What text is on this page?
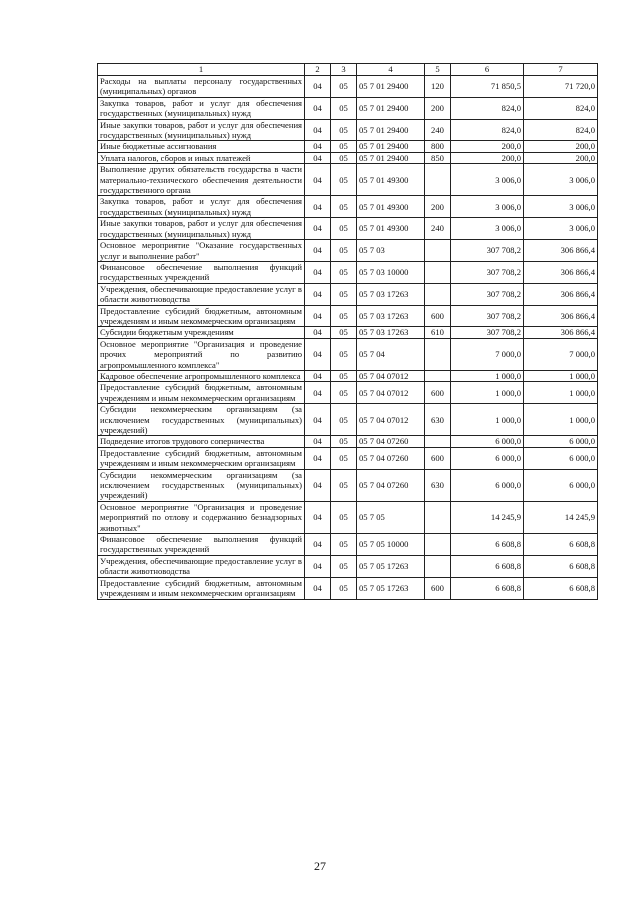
1	2	3	4	5	6	7
Расходы на выплаты персоналу государственных (муниципальных) органов	04	05	05 7 01 29400	120	71 850,5	71 720,0
Закупка товаров, работ и услуг для обеспечения государственных (муниципальных) нужд	04	05	05 7 01 29400	200	824,0	824,0
Иные закупки товаров, работ и услуг для обеспечения государственных (муниципальных) нужд	04	05	05 7 01 29400	240	824,0	824,0
Иные бюджетные ассигнования	04	05	05 7 01 29400	800	200,0	200,0
Уплата налогов, сборов и иных платежей	04	05	05 7 01 29400	850	200,0	200,0
Выполнение других обязательств государства в части материально-технического обеспечения деятельности государственного органа	04	05	05 7 01 49300		3 006,0	3 006,0
Закупка товаров, работ и услуг для обеспечения государственных (муниципальных) нужд	04	05	05 7 01 49300	200	3 006,0	3 006,0
Иные закупки товаров, работ и услуг для обеспечения государственных (муниципальных) нужд	04	05	05 7 01 49300	240	3 006,0	3 006,0
Основное мероприятие "Оказание государственных услуг и выполнение работ"	04	05	05 7 03		307 708,2	306 866,4
Финансовое обеспечение выполнения функций государственных учреждений	04	05	05 7 03 10000		307 708,2	306 866,4
Учреждения, обеспечивающие предоставление услуг в области животноводства	04	05	05 7 03 17263		307 708,2	306 866,4
Предоставление субсидий бюджетным, автономным учреждениям и иным некоммерческим организациям	04	05	05 7 03 17263	600	307 708,2	306 866,4
Субсидии бюджетным учреждениям	04	05	05 7 03 17263	610	307 708,2	306 866,4
Основное мероприятие "Организация и проведение прочих мероприятий по развитию агропромышленного комплекса"	04	05	05 7 04		7 000,0	7 000,0
Кадровое обеспечение агропромышленного комплекса	04	05	05 7 04 07012		1 000,0	1 000,0
Предоставление субсидий бюджетным, автономным учреждениям и иным некоммерческим организациям	04	05	05 7 04 07012	600	1 000,0	1 000,0
Субсидии некоммерческим организациям (за исключением государственных (муниципальных) учреждений)	04	05	05 7 04 07012	630	1 000,0	1 000,0
Подведение итогов трудового соперничества	04	05	05 7 04 07260		6 000,0	6 000,0
Предоставление субсидий бюджетным, автономным учреждениям и иным некоммерческим организациям	04	05	05 7 04 07260	600	6 000,0	6 000,0
Субсидии некоммерческим организациям (за исключением государственных (муниципальных) учреждений)	04	05	05 7 04 07260	630	6 000,0	6 000,0
Основное мероприятие "Организация и проведение мероприятий по отлову и содержанию безнадзорных животных"	04	05	05 7 05		14 245,9	14 245,9
Финансовое обеспечение выполнения функций государственных учреждений	04	05	05 7 05 10000		6 608,8	6 608,8
Учреждения, обеспечивающие предоставление услуг в области животноводства	04	05	05 7 05 17263		6 608,8	6 608,8
Предоставление субсидий бюджетным, автономным учреждениям и иным некоммерческим организациям	04	05	05 7 05 17263	600	6 608,8	6 608,8
27
